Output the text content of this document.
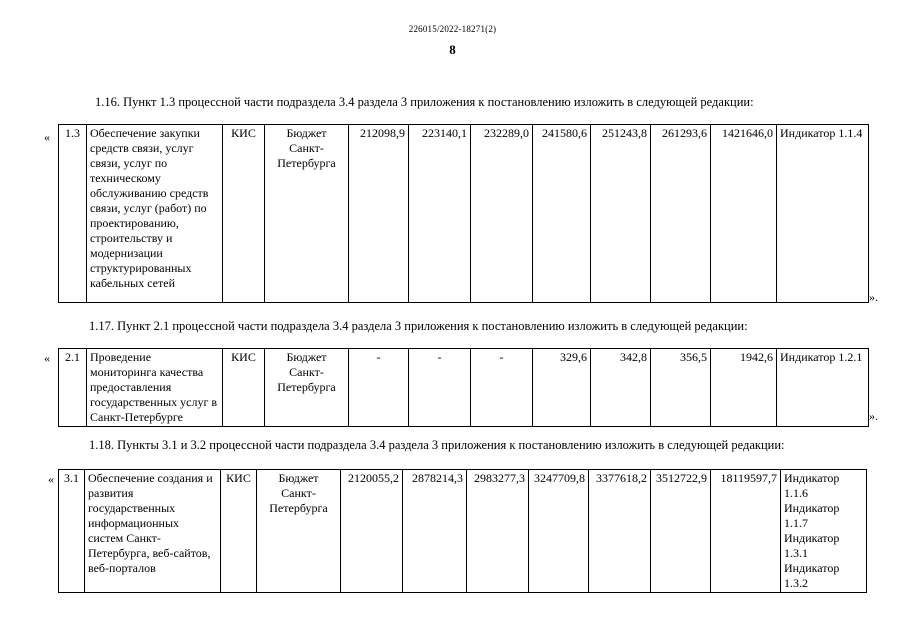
226015/2022-18271(2)
8
1.16. Пункт 1.3 процессной части подраздела 3.4 раздела 3 приложения к постановлению изложить в следующей редакции:
« 1.3	Обеспечение закупки средств связи, услуг связи, услуг по техническому обслуживанию средств связи, услуг (работ) по проектированию, строительству и модернизации структурированных кабельных сетей	КИС	Бюджет Санкт-Петербурга	212098,9	223140,1	232289,0	241580,6	251243,8	261293,6	1421646,0	Индикатор 1.1.4
».
1.17. Пункт 2.1 процессной части подраздела 3.4 раздела 3 приложения к постановлению изложить в следующей редакции:
« 2.1	Проведение мониторинга качества предоставления государственных услуг в Санкт-Петербурге	КИС	Бюджет Санкт-Петербурга	-	-	-	329,6	342,8	356,5	1942,6	Индикатор 1.2.1
».
1.18. Пункты 3.1 и 3.2 процессной части подраздела 3.4 раздела 3 приложения к постановлению изложить в следующей редакции:
« 3.1	Обеспечение создания и развития государственных информационных систем Санкт-Петербурга, веб-сайтов, веб-порталов	КИС	Бюджет Санкт-Петербурга	2120055,2	2878214,3	2983277,3	3247709,8	3377618,2	3512722,9	18119597,7	Индикатор 1.1.6 Индикатор 1.1.7 Индикатор 1.3.1 Индикатор 1.3.2
